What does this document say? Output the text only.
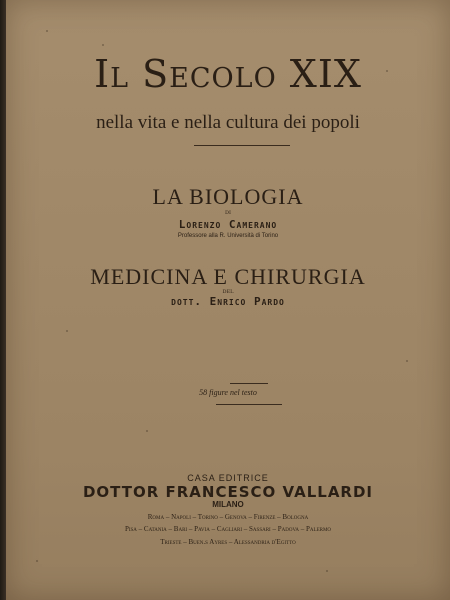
Il Secolo XIX
nella vita e nella cultura dei popoli
LA BIOLOGIA
DI
Lorenzo Camerano
Professore alla R. Università di Torino
MEDICINA E CHIRURGIA
DEL
dott. Enrico Pardo
58 figure nel testo
CASA EDITRICE
DOTTOR FRANCESCO VALLARDI
MILANO
Roma – Napoli – Torino – Genova – Firenze – Bologna
Pisa – Catania – Bari – Pavia – Cagliari – Sassari – Padova – Palermo
Trieste – Buen.s Ayres – Alessandria d'Egitto
